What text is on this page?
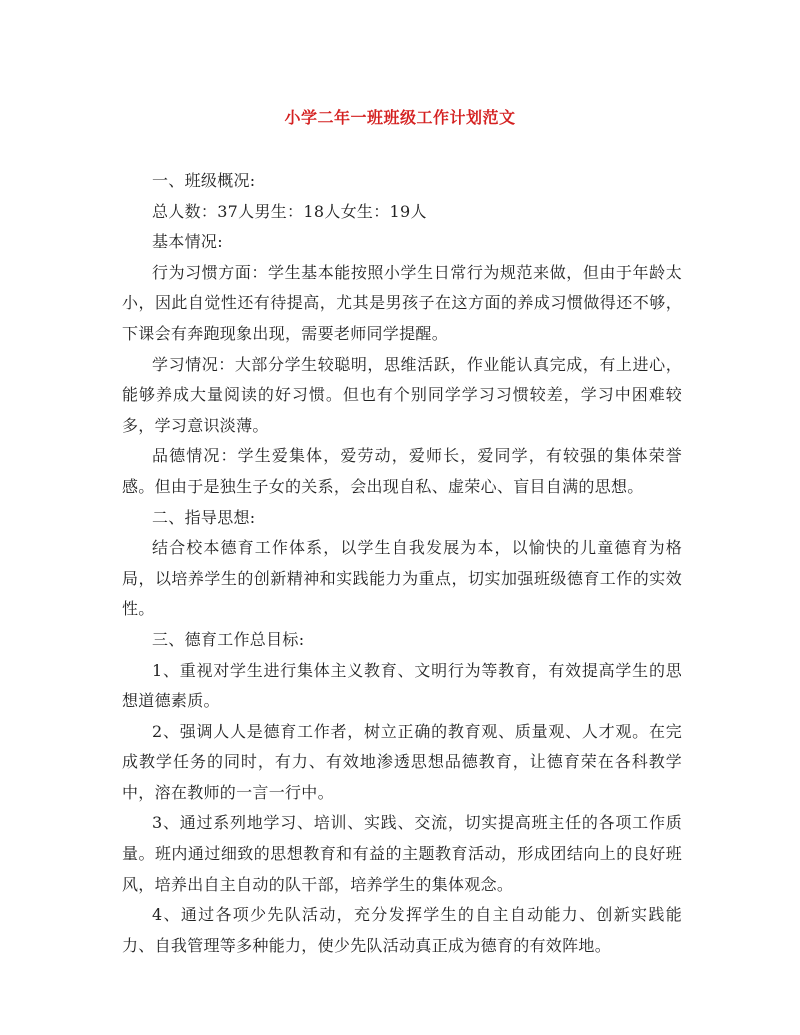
小学二年一班班级工作计划范文

一、班级概况:

总人数：37人男生：18人女生：19人

基本情况:

行为习惯方面：学生基本能按照小学生日常行为规范来做，但由于年龄太小，因此自觉性还有待提高，尤其是男孩子在这方面的养成习惯做得还不够，下课会有奔跑现象出现，需要老师同学提醒。

学习情况：大部分学生较聪明，思维活跃，作业能认真完成，有上进心，能够养成大量阅读的好习惯。但也有个别同学学习习惯较差，学习中困难较多，学习意识淡薄。

品德情况：学生爱集体，爱劳动，爱师长，爱同学，有较强的集体荣誉感。但由于是独生子女的关系，会出现自私、虚荣心、盲目自满的思想。

二、指导思想:

结合校本德育工作体系，以学生自我发展为本，以愉快的儿童德育为格局，以培养学生的创新精神和实践能力为重点，切实加强班级德育工作的实效性。

三、德育工作总目标:

1、重视对学生进行集体主义教育、文明行为等教育，有效提高学生的思想道德素质。

2、强调人人是德育工作者，树立正确的教育观、质量观、人才观。在完成教学任务的同时，有力、有效地渗透思想品德教育，让德育荣在各科教学中，溶在教师的一言一行中。

3、通过系列地学习、培训、实践、交流，切实提高班主任的各项工作质量。班内通过细致的思想教育和有益的主题教育活动，形成团结向上的良好班风，培养出自主自动的队干部，培养学生的集体观念。

4、通过各项少先队活动，充分发挥学生的自主自动能力、创新实践能力、自我管理等多种能力，使少先队活动真正成为德育的有效阵地。
